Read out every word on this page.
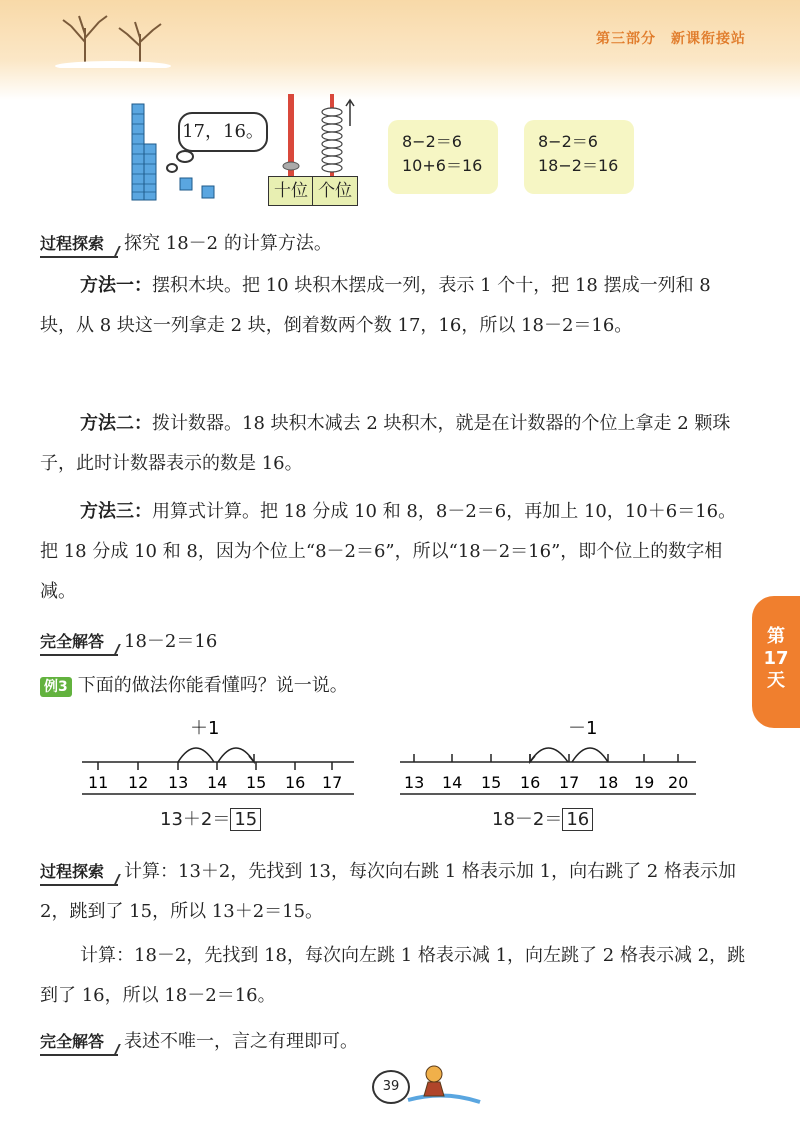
第三部分　新课衔接站
17，16。
十位 个位
8−2＝6
10+6＝16
8−2＝6
18−2＝16

过程探索 探究 18－2 的计算方法。

方法一：摆积木块。把 10 块积木摆成一列，表示 1 个十，把 18 摆成一列和 8 块，从 8 块这一列拿走 2 块，倒着数两个数 17，16，所以 18－2＝16。

方法二：拨计数器。18 块积木减去 2 块积木，就是在计数器的个位上拿走 2 颗珠子，此时计数器表示的数是 16。

方法三：用算式计算。把 18 分成 10 和 8，8－2＝6，再加上 10，10＋6＝16。把 18 分成 10 和 8，因为个位上“8－2＝6”，所以“18－2＝16”，即个位上的数字相减。

完全解答 18－2＝16

例3 下面的做法你能看懂吗？说一说。

＋1
11 12 13 14 15 16 17
13＋2＝ 15
－1
13 14 15 16 17 18 19 20
18－2＝ 16

过程探索 计算：13＋2，先找到 13，每次向右跳 1 格表示加 1，向右跳了 2 格表示加 2，跳到了 15，所以 13＋2＝15。

计算：18－2，先找到 18，每次向左跳 1 格表示减 1，向左跳了 2 格表示减 2，跳到了 16，所以 18－2＝16。

完全解答 表述不唯一，言之有理即可。

第
17
天
39
